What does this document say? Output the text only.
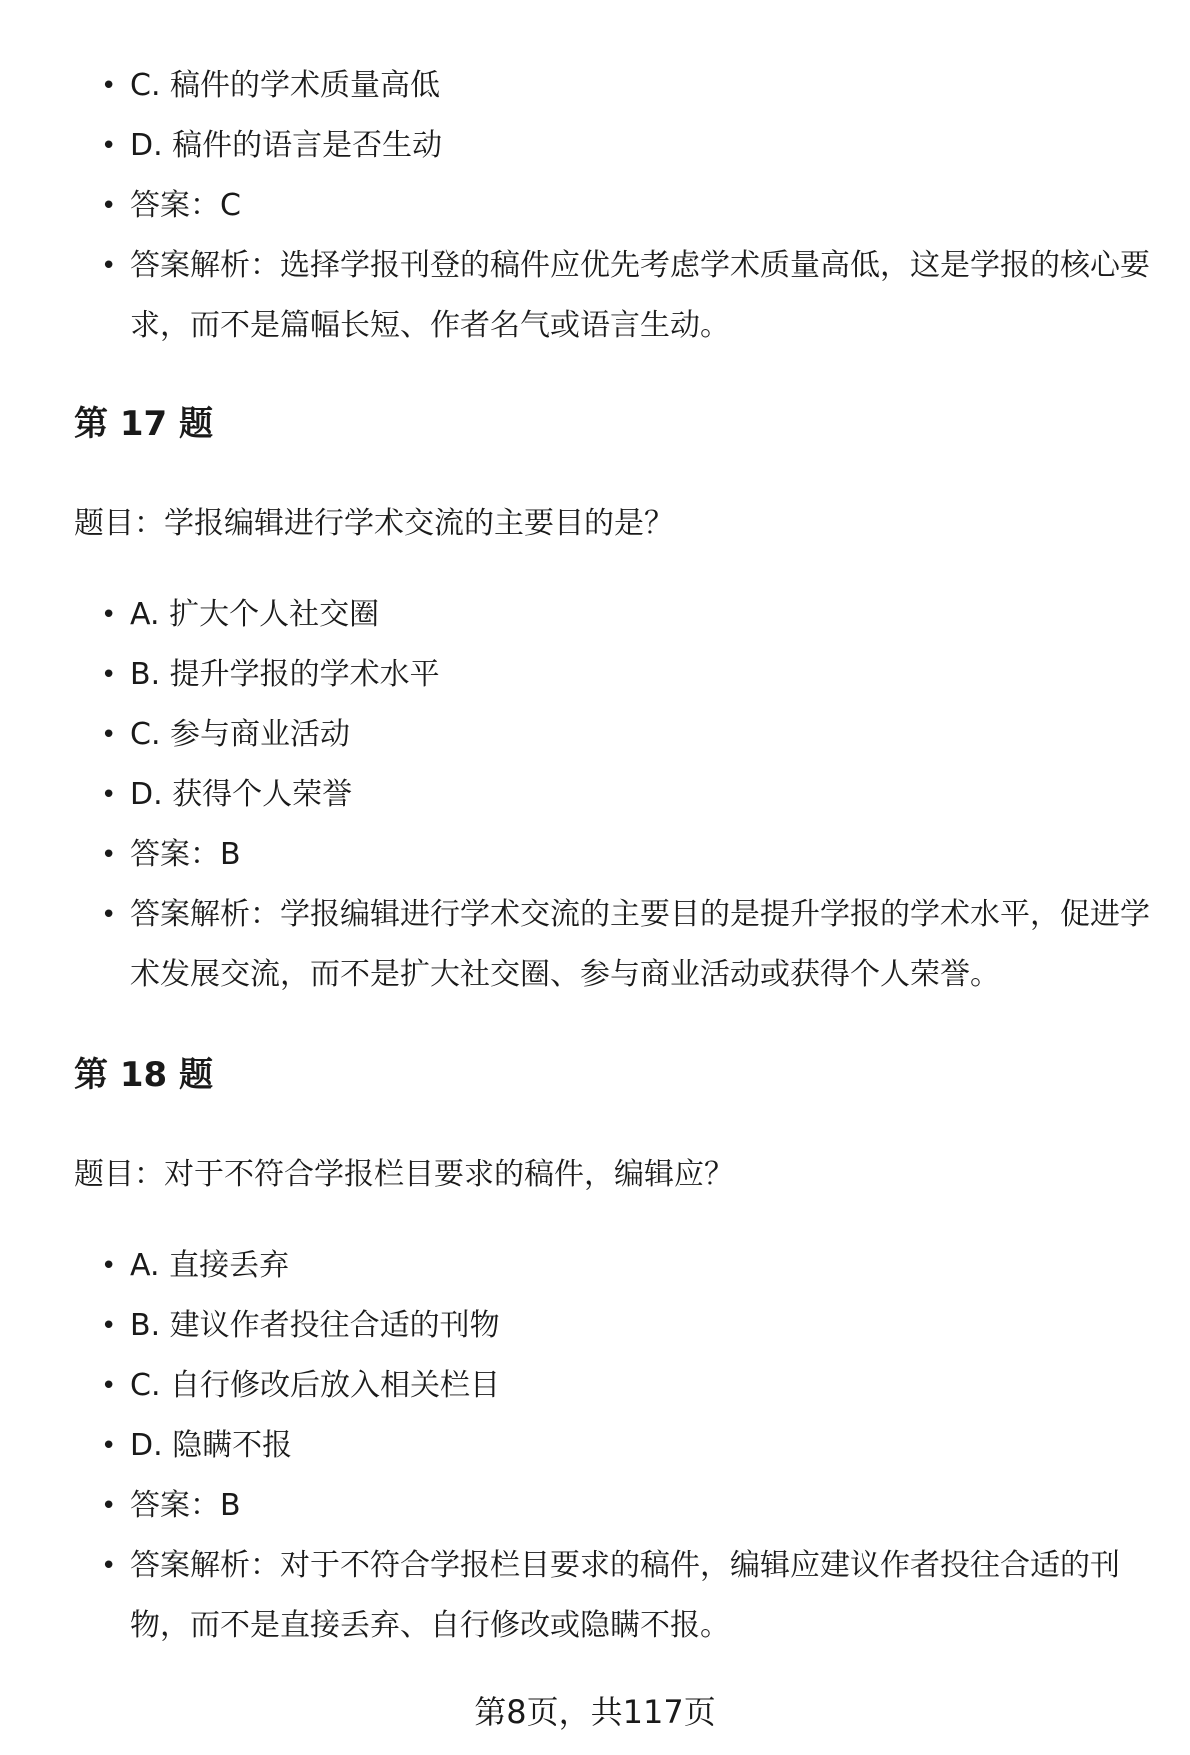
• C. 稿件的学术质量高低
• D. 稿件的语言是否生动
• 答案：C
• 答案解析：选择学报刊登的稿件应优先考虑学术质量高低，这是学报的核心要求，而不是篇幅长短、作者名气或语言生动。
第 17 题

题目：学报编辑进行学术交流的主要目的是？

• A. 扩大个人社交圈
• B. 提升学报的学术水平
• C. 参与商业活动
• D. 获得个人荣誉
• 答案：B
• 答案解析：学报编辑进行学术交流的主要目的是提升学报的学术水平，促进学术发展交流，而不是扩大社交圈、参与商业活动或获得个人荣誉。
第 18 题

题目：对于不符合学报栏目要求的稿件，编辑应？

• A. 直接丢弃
• B. 建议作者投往合适的刊物
• C. 自行修改后放入相关栏目
• D. 隐瞒不报
• 答案：B
• 答案解析：对于不符合学报栏目要求的稿件，编辑应建议作者投往合适的刊物，而不是直接丢弃、自行修改或隐瞒不报。
第8页，共117页
